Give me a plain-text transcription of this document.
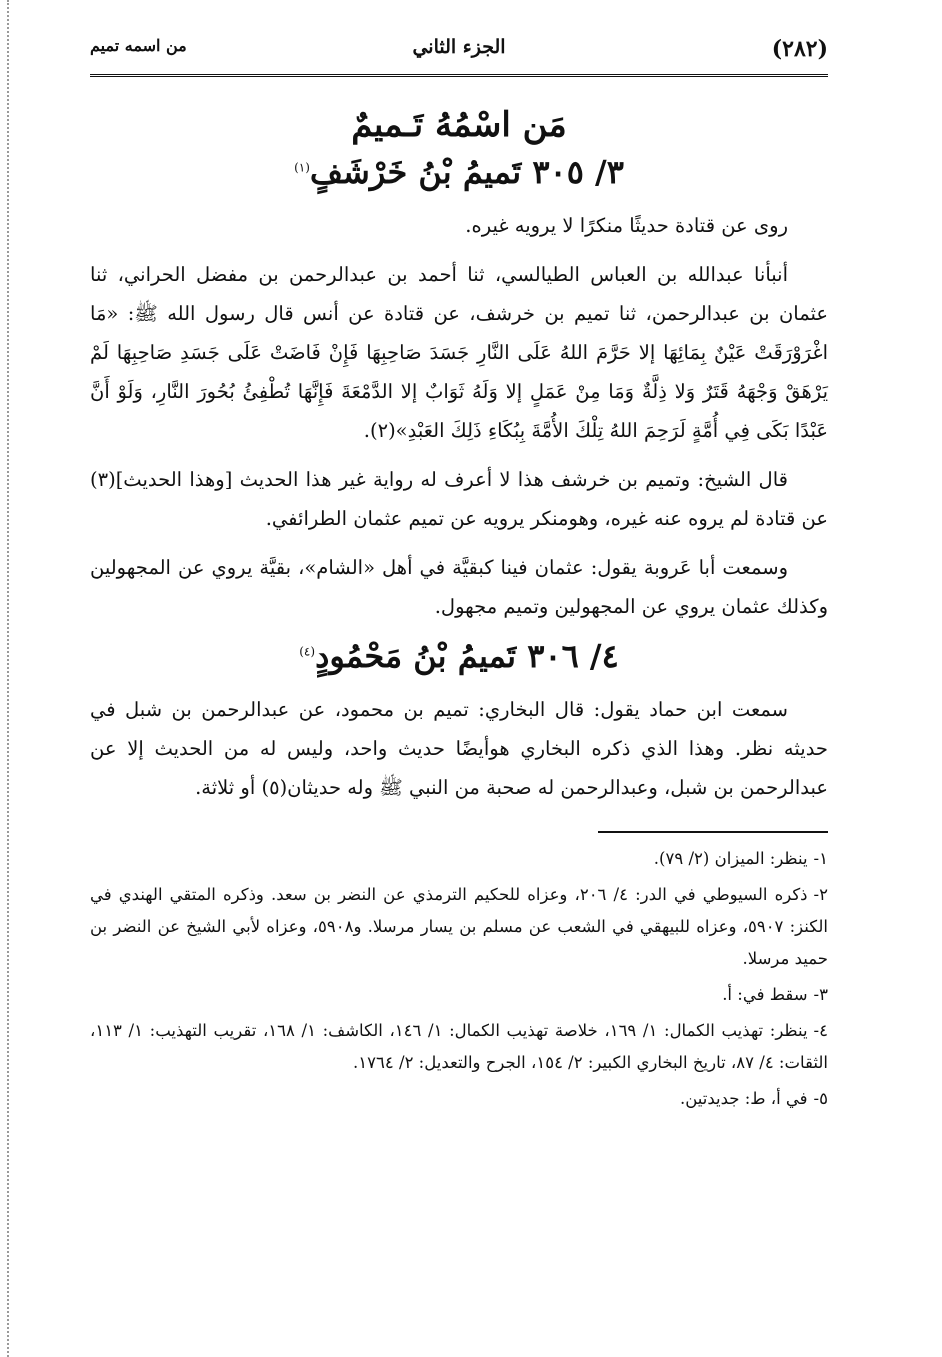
(٢٨٢)
الجزء الثاني
من اسمه تميم
مَن اسْمُهُ تَـميمٌ
٣/ ٣٠٥ تَميمُ بْنُ خَرْشَفٍ$^{(١)}$

روى عن قتادة حديثًا منكرًا لا يرويه غيره.

أنبأنا عبدالله بن العباس الطيالسي، ثنا أحمد بن عبدالرحمن بن مفضل الحراني، ثنا عثمان بن عبدالرحمن، ثنا تميم بن خرشف، عن قتادة عن أنس قال رسول الله ﷺ: «مَا اغْرَوْرَقَتْ عَيْنٌ بِمَائِهَا إلا حَرَّمَ اللهُ عَلَى النَّارِ جَسَدَ صَاحِبِهَا فَإِنْ فَاضَتْ عَلَى جَسَدِ صَاحِبِهَا لَمْ يَرْهَقْ وَجْهَهُ قَتَرٌ وَلا ذِلَّةٌ وَمَا مِنْ عَمَلٍ إلا وَلَهُ ثَوَابٌ إلا الدَّمْعَةَ فَإِنَّهَا تُطْفِئُ بُحُورَ النَّارِ، وَلَوْ أَنَّ عَبْدًا بَكَى فِي أُمَّةٍ لَرَحِمَ اللهُ تِلْكَ الأُمَّةَ بِبُكَاءِ ذَلِكَ العَبْدِ»(٢).

قال الشيخ: وتميم بن خرشف هذا لا أعرف له رواية غير هذا الحديث [وهذا الحديث](٣) عن قتادة لم يروه عنه غيره، وهومنكر يرويه عن تميم عثمان الطرائفي.

وسمعت أبا عَروبة يقول: عثمان فينا كبقيَّة في أهل «الشام»، بقيَّة يروي عن المجهولين وكذلك عثمان يروي عن المجهولين وتميم مجهول.

٤/ ٣٠٦ تَميمُ بْنُ مَحْمُودٍ$^{(٤)}$

سمعت ابن حماد يقول: قال البخاري: تميم بن محمود، عن عبدالرحمن بن شبل في حديثه نظر. وهذا الذي ذكره البخاري هوأيضًا حديث واحد، وليس له من الحديث إلا عن عبدالرحمن بن شبل، وعبدالرحمن له صحبة من النبي ﷺ وله حديثان(٥) أو ثلاثة.

١-ينظر: الميزان (٢/ ٧٩).
٢-ذكره السيوطي في الدر: ٤/ ٢٠٦، وعزاه للحكيم الترمذي عن النضر بن سعد. وذكره المتقي الهندي في الكنز: ٥٩٠٧، وعزاه للبيهقي في الشعب عن مسلم بن يسار مرسلا. و٥٩٠٨، وعزاه لأبي الشيخ عن النضر بن حميد مرسلا.
٣-سقط في: أ.
٤-ينظر: تهذيب الكمال: ١/ ١٦٩، خلاصة تهذيب الكمال: ١/ ١٤٦، الكاشف: ١/ ١٦٨، تقريب التهذيب: ١/ ١١٣، الثقات: ٤/ ٨٧، تاريخ البخاري الكبير: ٢/ ١٥٤، الجرح والتعديل: ٢/ ١٧٦٤.
٥-في أ، ط: جديدتين.
